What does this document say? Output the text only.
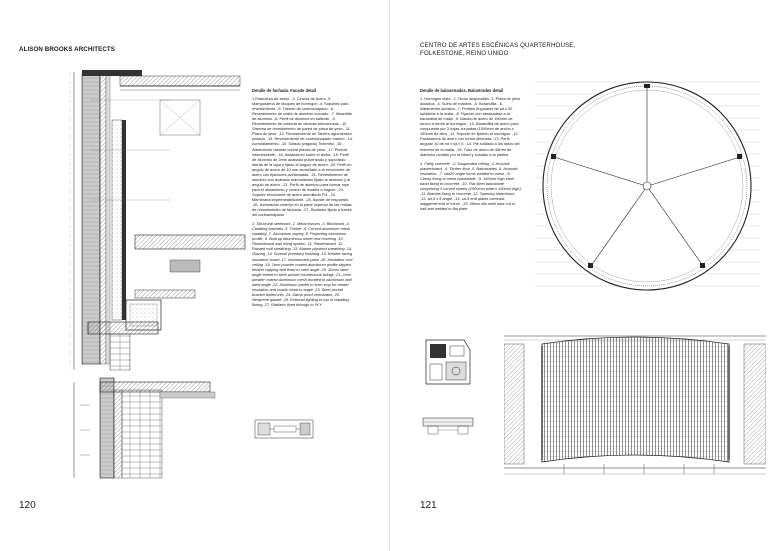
ALISON BROOKS ARCHITECTS
·
Detalle de fachada. Facade detail

1.Estructura de acero. ,2. Cercha de Acero ,3. Mampostería de bloques de hormigón ,4. Soportes para revestimiento. ,5. Tablero de contrachapado. ,6. Revestimiento de malla de aluminio curvado. ,7. Albardilla de aluminio. ,8. Perfil de aluminio en saliente. ,9. Revestimiento de cubierta de láminas bituminosas. ,10. Sistema de revestimiento de pared de placa de yeso. ,11. Placa de yeso. ,12. Revestimiento de Tablero aglomerado pintado. ,13. Revestimiento de contrachapado marino. ,14. Acristalamiento. ,15. Sótado (zagado) Tintemfol. ,16. Aislamiento rasante contra placas de yeso. ,17. Pintura intumescente. ,18. Aislamiento sobre el techo. ,19. Perfil de aluminio de 2mm acabado pulverizado y soportado detrás de la tapa y fijado al ángulo de acero. ,20. Perfil en ángulo de acero de 10 mm atornillado a la envolvente de acero con fijaciones avellanadas. ,21. Revestimiento de aluminio con acabado manualizado fijado al aluminio y al ángulo de acero. ,22. Perfil de aluminio para formar tope para el aislamiento y cordón de masilla a ángulo. ,23. Soporte envolvente de acero atornillado PU. ,24. Membrana impermeabilizante. ,25. Ayuste de respuesto. ,26. Iluminación exterior en la parte superior de las mallas de revestimiento de fachada. ,27. Radiador fijado a través del contrachapado

1. Structural steelwork ,2. Metal trusses ,3. Blockwork ,4. Cladding brackets ,5. Timber ,6. Curved aluminium mesh cladding ,7. Aluminium coping ,8. Projecting aluminium profile ,9. Built up bituminous sheet roof covering ,10. Plasterboard wall lining system ,11. Plasterboard ,12. Painted mdf sheathing ,13. Marine plywood sheathing ,14. Glazing ,15. Soresol (tornado) finishing ,16. Render facing insulation board ,17. Intumescent paint ,18. Insulation over ceiling ,19. 2mm powder coated aluminium profile slipped behind capping and fixed to steel angle ,20. 10mm steel angle bolted to steel pocket countersunk fixings ,21. 2mm powder coated aluminium mesh bonded to aluminium and steel angle ,22. Aluminium profile to form stop for render insulation and mastic bead to angle ,23. Steel pocket bracket bolted into ,24. Damp proof membrane ,25. Neoprene gasket ,26. External lighting to top of cladding fluting ,27. Radiator fixed through to PLY

120
CENTRO DE ARTES ESCÉNICAS QUARTERHOUSE,
FOLKESTONE, REINO UNIDO
Detalle de balaustradas. Balustrades detail

1. Hormigón visto. ,2. Techo suspendido ,3. Placa de yeso acústica. ,4. Suelo de madera. ,5. Barandilla. ,6. Aislamiento acústico ,7. Perfiles Angulares de sd x 20 soldados a la malla. ,8. Fijación con abrazadera a la barandilla de malla. ,9. Banda de acero de 150mm de ancho a frente al hormigón. ,10. Barandilla de acero para compuesta por 3 hojas curvadas (1500mm de ancho x 150mm de alto). ,11. Soporte de fijación al hormigón. ,12. Pasamanos de acero con forma alineada. ,13. Perfil angular 10 de sd x sd x 5. ,14. Pie soldado a los lados del extremo de la malla. ,15. Tubo de acero de 48mm de diámetro cortado por la mitad y soldado a la pletina

1. Fairly concrete. ,2. Suspended ceiling ,3. Acoustic plasterboard. ,4. Timber floor ,5. Balustrades ,6. Acoustic insulation. ,7. sdx20 angle forms welded to mesh. ,8. Clamp fixing to mesh balustrade. ,9. 150mm high steel band fixing to concrete. ,10. Flat steel balustrade comprising 3 curved sheets (1500mm wide x 150mm high). ,11. Bracket fixing to concrete ,12. Tapering stanchions. ,13. sd-5 x 5 angle. ,14. sd-5 end plates overcast, staggered end of mesh. ,15. 48mm dia steel tube cut in half and welded to flat plate

121
